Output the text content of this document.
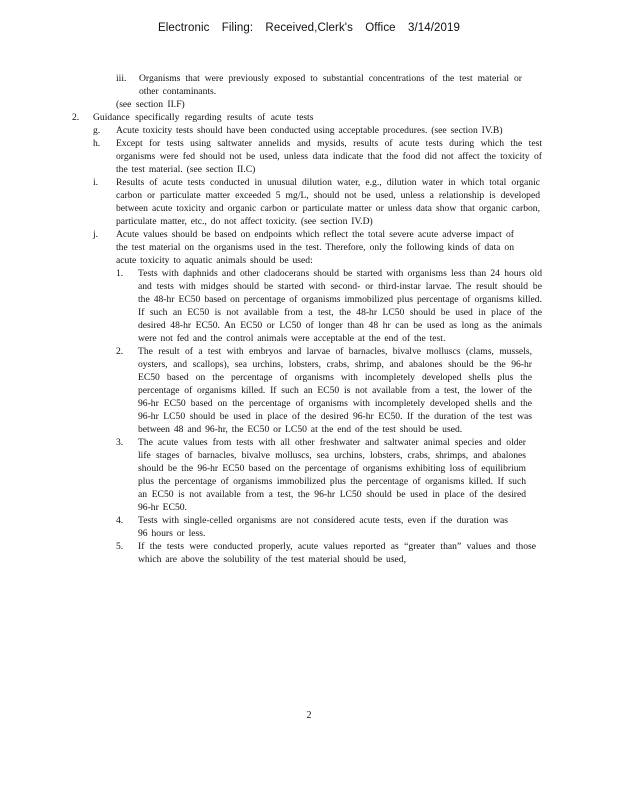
Electronic Filing: Received,Clerk's Office 3/14/2019
iii. Organisms that were previously exposed to substantial concentrations of the test material or other contaminants.
(see section II.F)
2. Guidance specifically regarding results of acute tests
g. Acute toxicity tests should have been conducted using acceptable procedures. (see section IV.B)
h. Except for tests using saltwater annelids and mysids, results of acute tests during which the test organisms were fed should not be used, unless data indicate that the food did not affect the toxicity of the test material. (see section II.C)
i. Results of acute tests conducted in unusual dilution water, e.g., dilution water in which total organic carbon or particulate matter exceeded 5 mg/L, should not be used, unless a relationship is developed between acute toxicity and organic carbon or particulate matter or unless data show that organic carbon, particulate matter, etc., do not affect toxicity. (see section IV.D)
j. Acute values should be based on endpoints which reflect the total severe acute adverse impact of the test material on the organisms used in the test. Therefore, only the following kinds of data on acute toxicity to aquatic animals should be used:
1. Tests with daphnids and other cladocerans should be started with organisms less than 24 hours old and tests with midges should be started with second- or third-instar larvae. The result should be the 48-hr EC50 based on percentage of organisms immobilized plus percentage of organisms killed. If such an EC50 is not available from a test, the 48-hr LC50 should be used in place of the desired 48-hr EC50. An EC50 or LC50 of longer than 48 hr can be used as long as the animals were not fed and the control animals were acceptable at the end of the test.
2. The result of a test with embryos and larvae of barnacles, bivalve molluscs (clams, mussels, oysters, and scallops), sea urchins, lobsters, crabs, shrimp, and abalones should be the 96-hr EC50 based on the percentage of organisms with incompletely developed shells plus the percentage of organisms killed. If such an EC50 is not available from a test, the lower of the 96-hr EC50 based on the percentage of organisms with incompletely developed shells and the 96-hr LC50 should be used in place of the desired 96-hr EC50. If the duration of the test was between 48 and 96-hr, the EC50 or LC50 at the end of the test should be used.
3. The acute values from tests with all other freshwater and saltwater animal species and older life stages of barnacles, bivalve molluscs, sea urchins, lobsters, crabs, shrimps, and abalones should be the 96-hr EC50 based on the percentage of organisms exhibiting loss of equilibrium plus the percentage of organisms immobilized plus the percentage of organisms killed. If such an EC50 is not available from a test, the 96-hr LC50 should be used in place of the desired 96-hr EC50.
4. Tests with single-celled organisms are not considered acute tests, even if the duration was 96 hours or less.
5. If the tests were conducted properly, acute values reported as “greater than” values and those which are above the solubility of the test material should be used,
2
